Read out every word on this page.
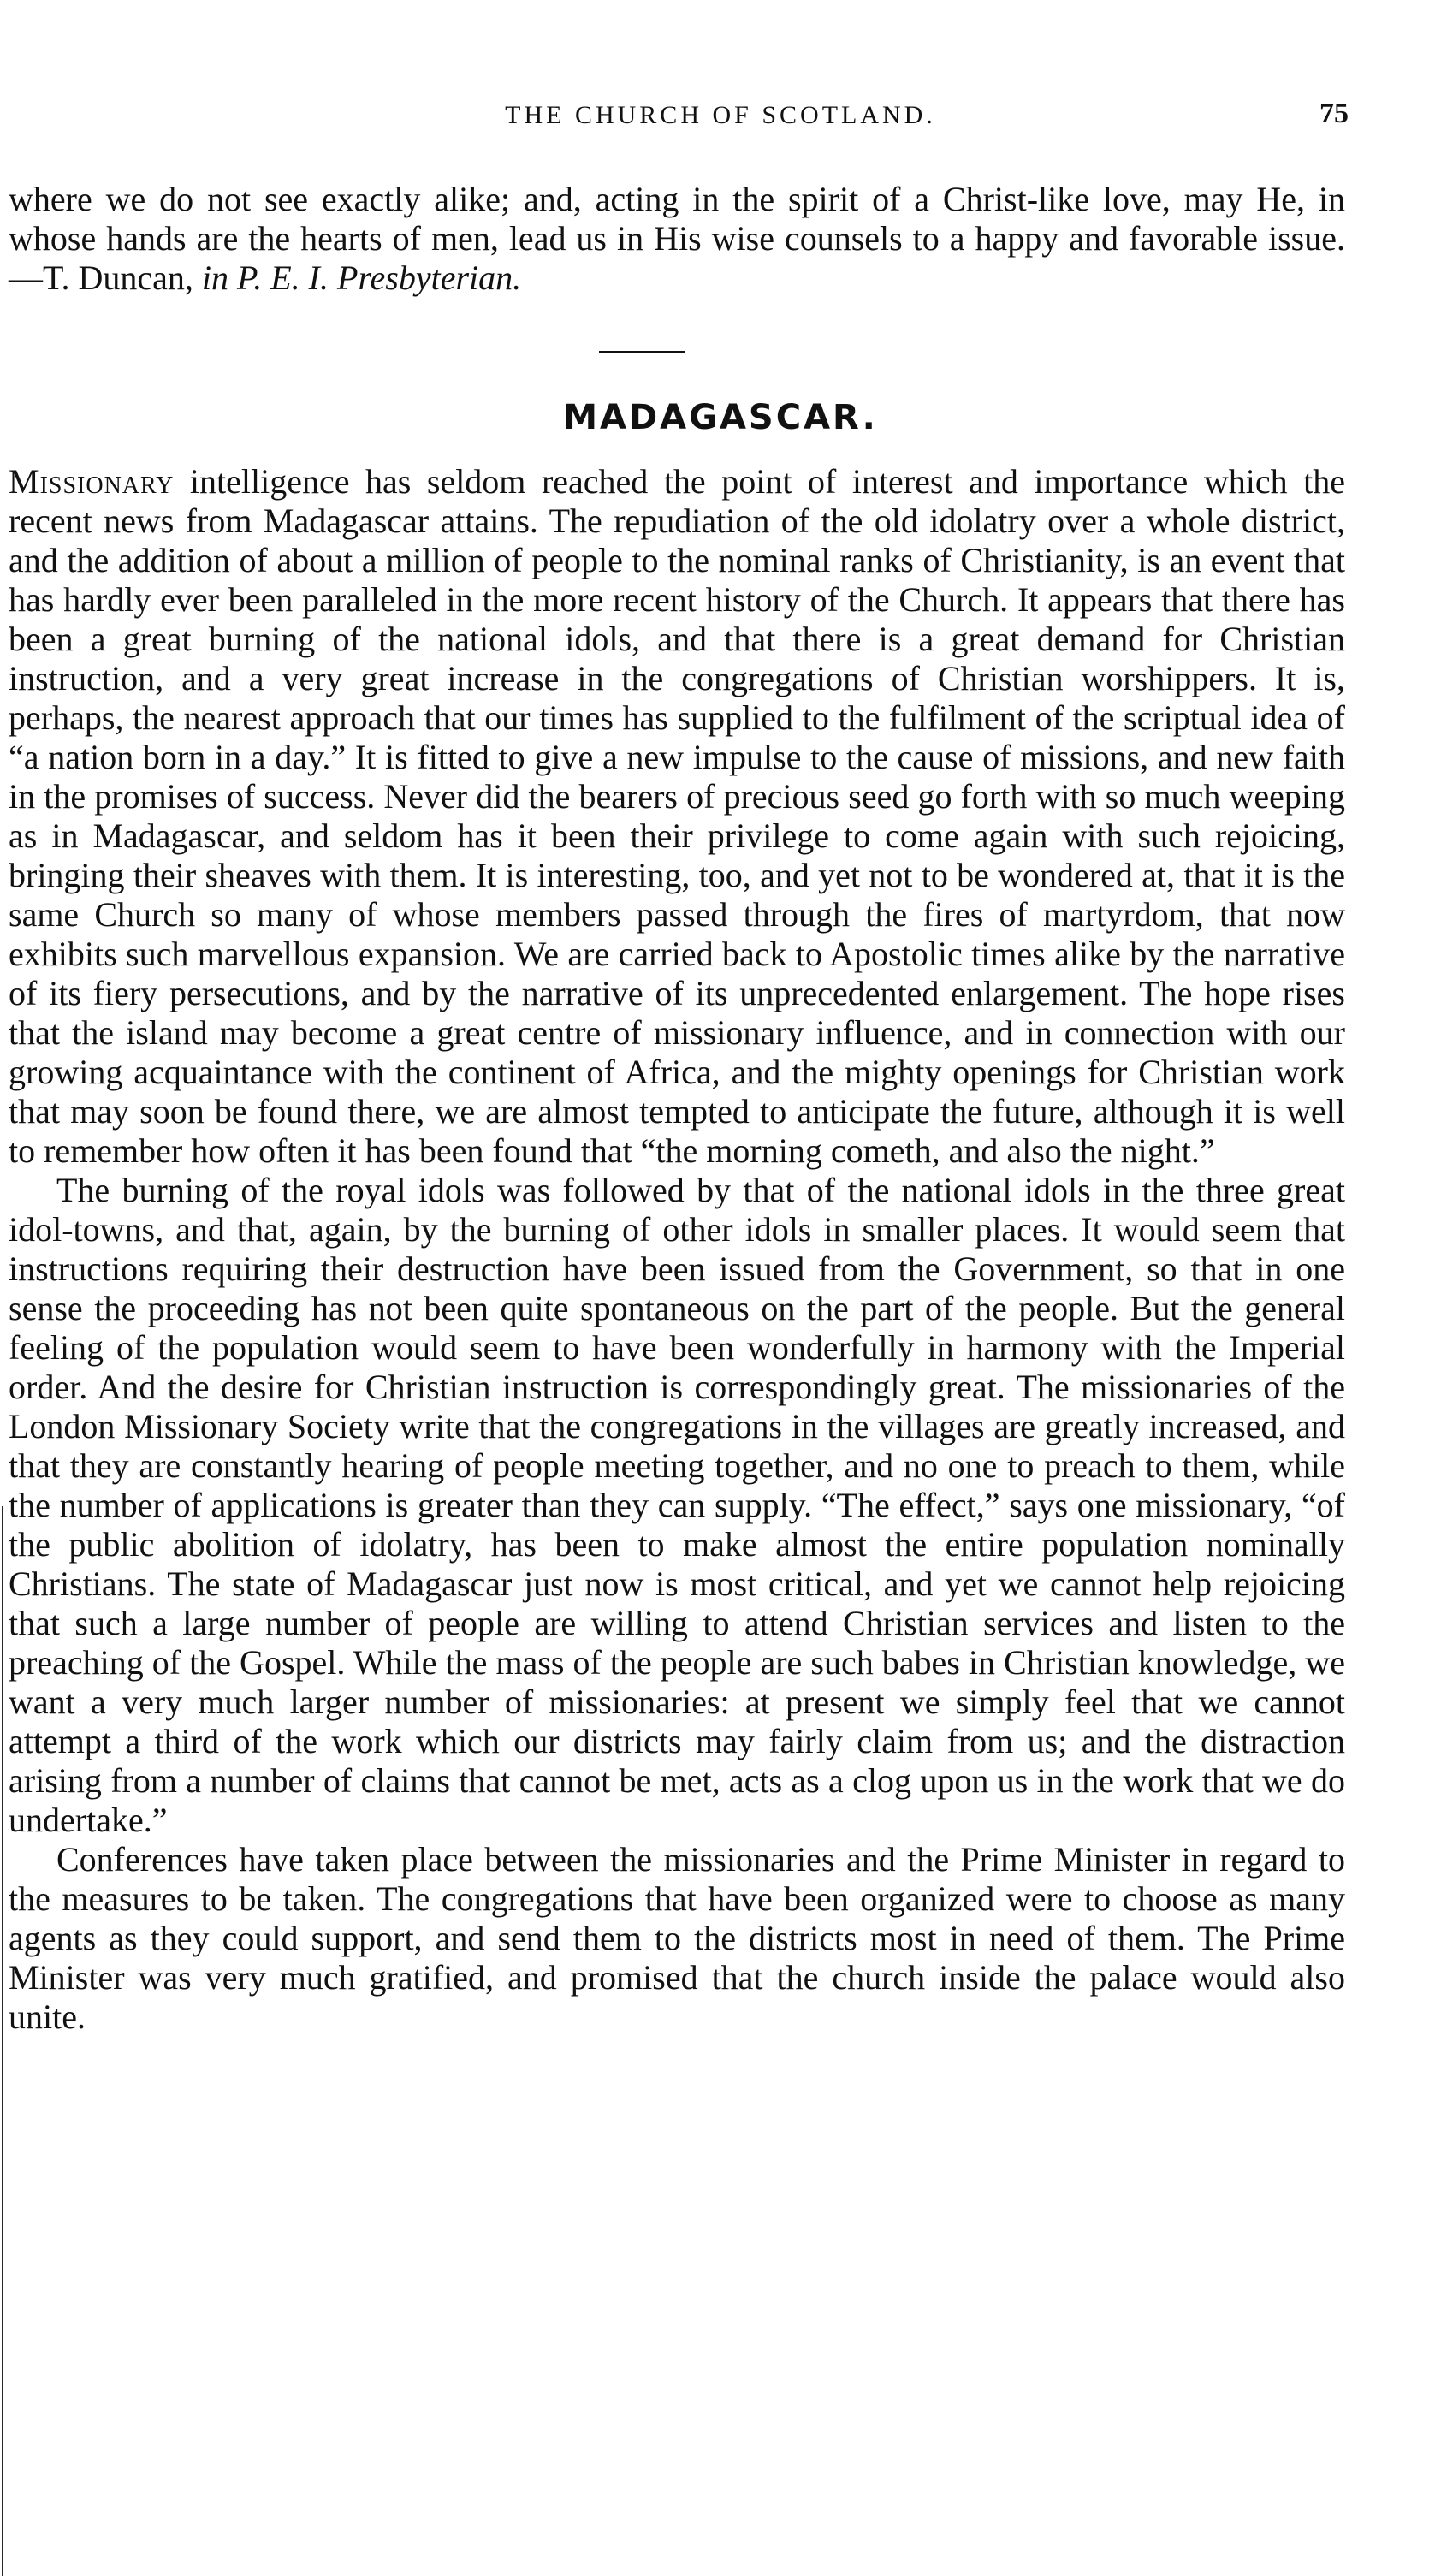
THE CHURCH OF SCOTLAND.	75
where we do not see exactly alike; and, acting in the spirit of a Christ-like love, may He, in whose hands are the hearts of men, lead us in His wise counsels to a happy and favorable issue.—T. Duncan, in P. E. I. Presbyterian.
MADAGASCAR.

Missionary intelligence has seldom reached the point of interest and importance which the recent news from Madagascar attains. The repudiation of the old idolatry over a whole district, and the addition of about a million of people to the nominal ranks of Christianity, is an event that has hardly ever been paralleled in the more recent history of the Church. It appears that there has been a great burning of the national idols, and that there is a great demand for Christian instruction, and a very great increase in the congregations of Christian worshippers. It is, perhaps, the nearest approach that our times has supplied to the fulfilment of the scriptual idea of “a nation born in a day.” It is fitted to give a new impulse to the cause of missions, and new faith in the promises of success. Never did the bearers of precious seed go forth with so much weeping as in Madagascar, and seldom has it been their privilege to come again with such rejoicing, bringing their sheaves with them. It is interesting, too, and yet not to be wondered at, that it is the same Church so many of whose members passed through the fires of martyrdom, that now exhibits such marvellous expansion. We are carried back to Apostolic times alike by the narrative of its fiery persecutions, and by the narrative of its unprecedented enlargement. The hope rises that the island may become a great centre of missionary influence, and in connection with our growing acquaintance with the continent of Africa, and the mighty openings for Christian work that may soon be found there, we are almost tempted to anticipate the future, although it is well to remember how often it has been found that “the morning cometh, and also the night.”

The burning of the royal idols was followed by that of the national idols in the three great idol-towns, and that, again, by the burning of other idols in smaller places. It would seem that instructions requiring their destruction have been issued from the Government, so that in one sense the proceeding has not been quite spontaneous on the part of the people. But the general feeling of the population would seem to have been wonderfully in harmony with the Imperial order. And the desire for Christian instruction is correspondingly great. The missionaries of the London Missionary Society write that the congregations in the villages are greatly increased, and that they are constantly hearing of people meeting together, and no one to preach to them, while the number of applications is greater than they can supply. “The effect,” says one missionary, “of the public abolition of idolatry, has been to make almost the entire population nominally Christians. The state of Madagascar just now is most critical, and yet we cannot help rejoicing that such a large number of people are willing to attend Christian services and listen to the preaching of the Gospel. While the mass of the people are such babes in Christian knowledge, we want a very much larger number of missionaries: at present we simply feel that we cannot attempt a third of the work which our districts may fairly claim from us; and the distraction arising from a number of claims that cannot be met, acts as a clog upon us in the work that we do undertake.”

Conferences have taken place between the missionaries and the Prime Minister in regard to the measures to be taken. The congregations that have been organized were to choose as many agents as they could support, and send them to the districts most in need of them. The Prime Minister was very much gratified, and promised that the church inside the palace would also unite.
